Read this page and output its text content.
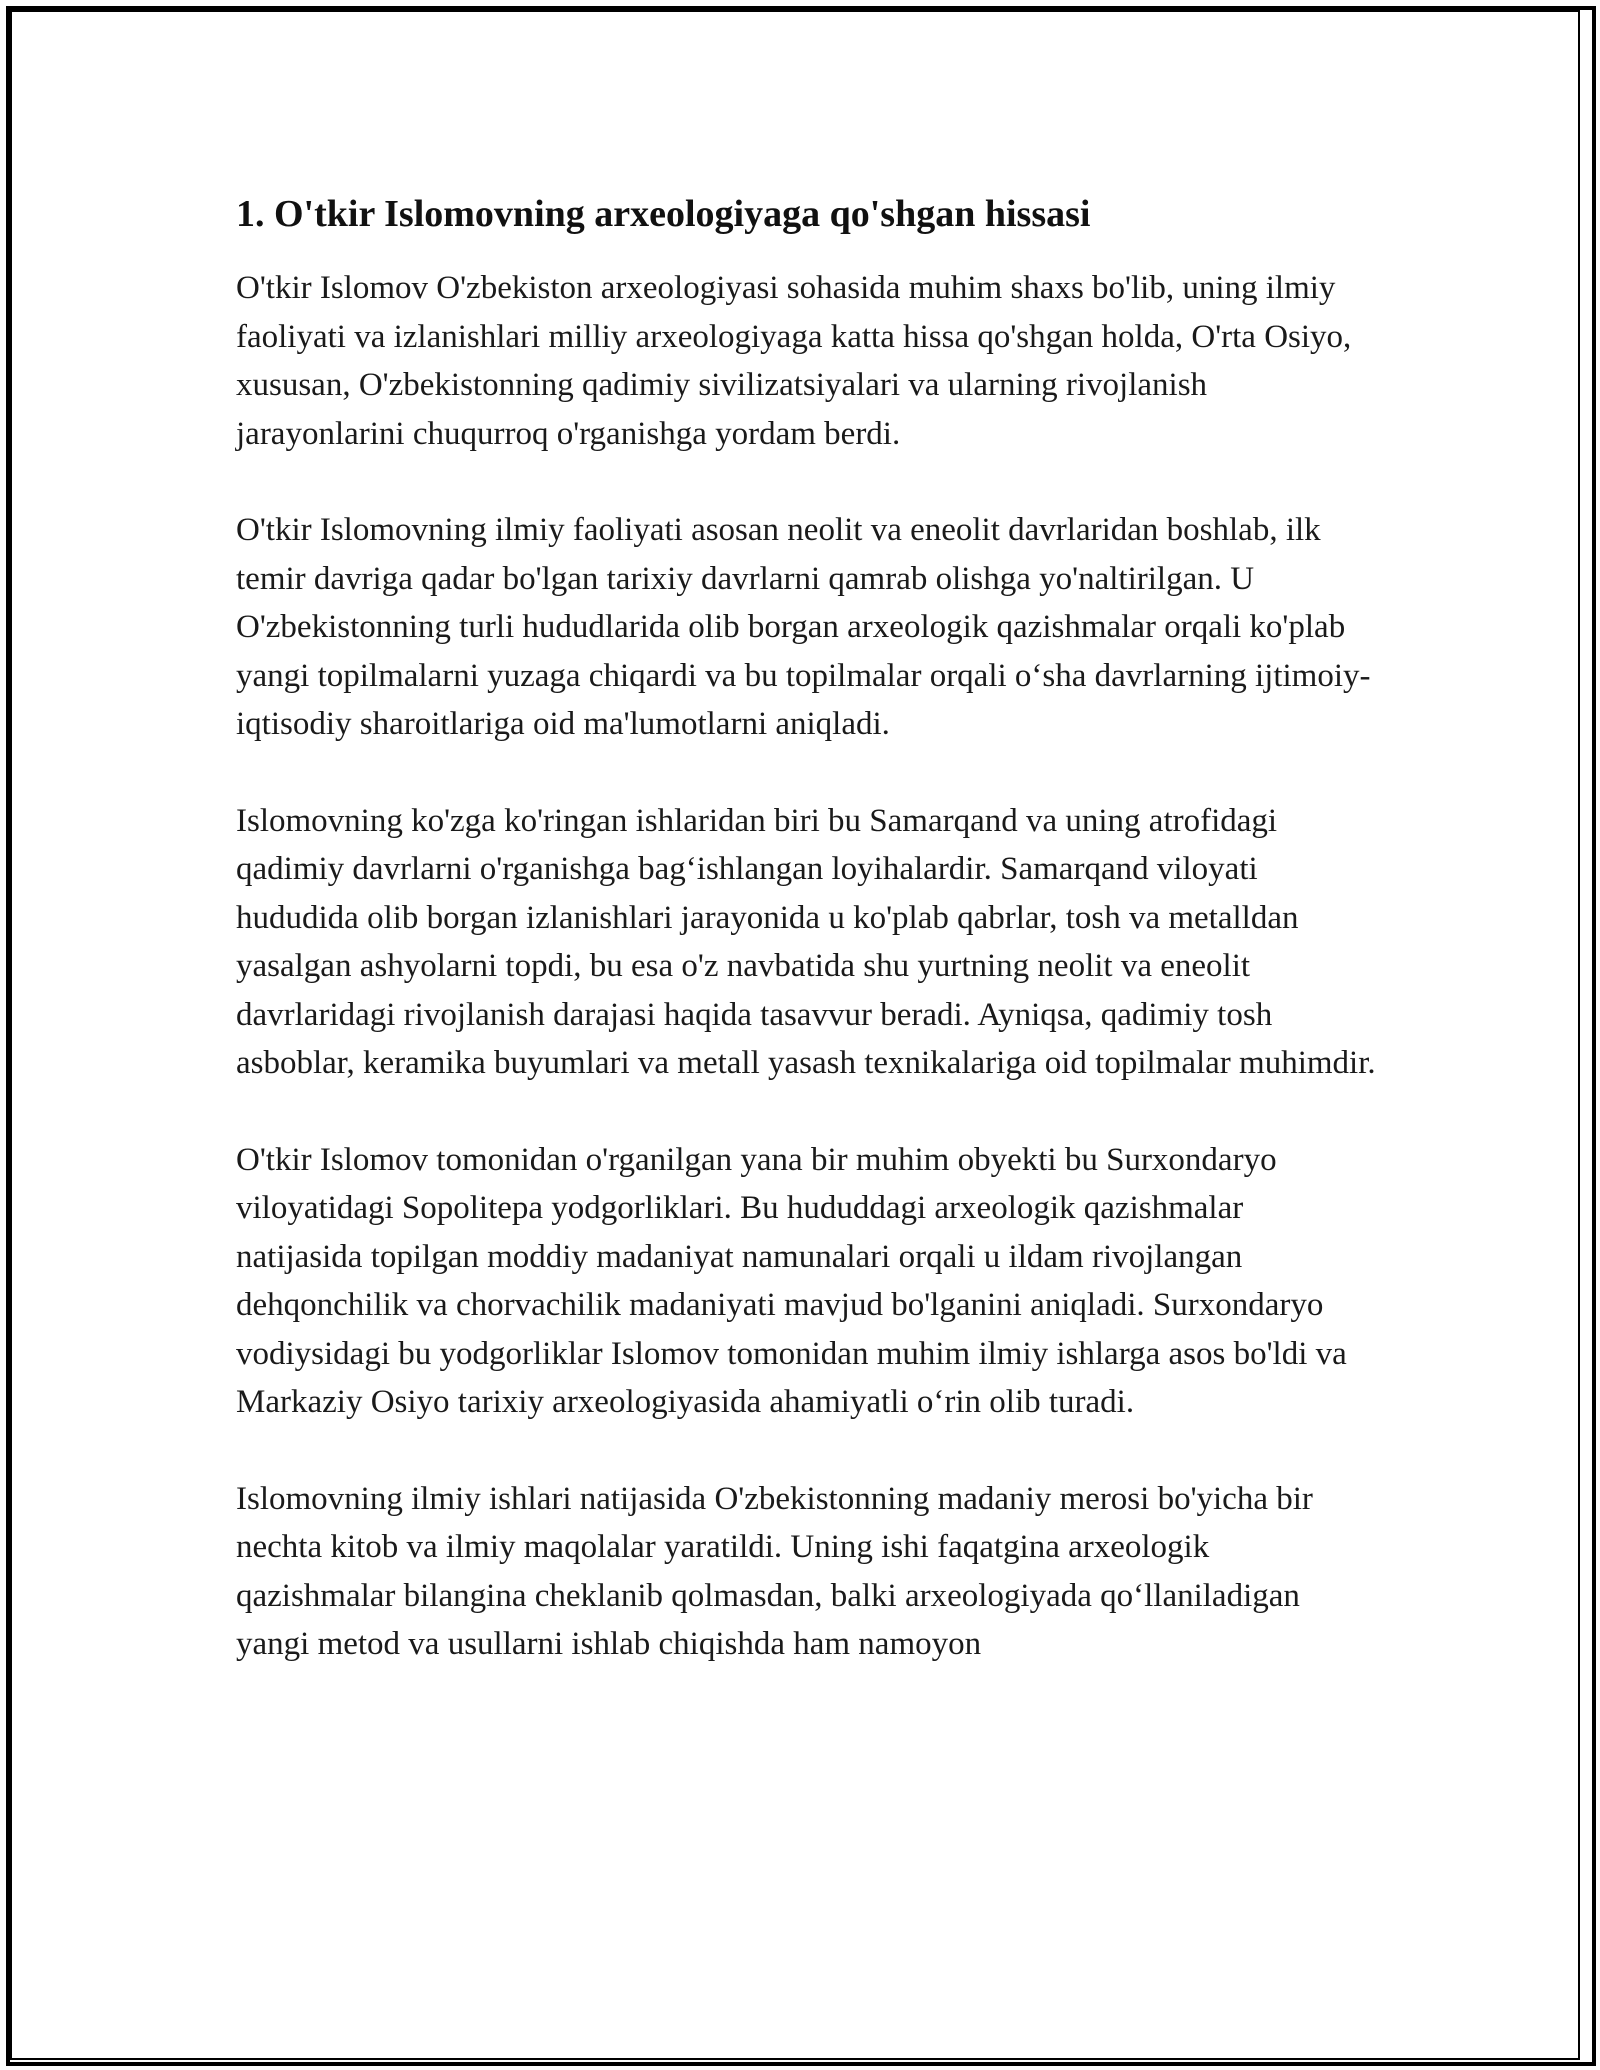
1. O'tkir Islomovning arxeologiyaga qo'shgan hissasi

O'tkir Islomov O'zbekiston arxeologiyasi sohasida muhim shaxs bo'lib, uning ilmiy faoliyati va izlanishlari milliy arxeologiyaga katta hissa qo'shgan holda, O'rta Osiyo, xususan, O'zbekistonning qadimiy sivilizatsiyalari va ularning rivojlanish jarayonlarini chuqurroq o'rganishga yordam berdi.

O'tkir Islomovning ilmiy faoliyati asosan neolit va eneolit davrlaridan boshlab, ilk temir davriga qadar bo'lgan tarixiy davrlarni qamrab olishga yo'naltirilgan. U O'zbekistonning turli hududlarida olib borgan arxeologik qazishmalar orqali ko'plab yangi topilmalarni yuzaga chiqardi va bu topilmalar orqali o‘sha davrlarning ijtimoiy-iqtisodiy sharoitlariga oid ma'lumotlarni aniqladi.

Islomovning ko'zga ko'ringan ishlaridan biri bu Samarqand va uning atrofidagi qadimiy davrlarni o'rganishga bag‘ishlangan loyihalardir. Samarqand viloyati hududida olib borgan izlanishlari jarayonida u ko'plab qabrlar, tosh va metalldan yasalgan ashyolarni topdi, bu esa o'z navbatida shu yurtning neolit va eneolit davrlaridagi rivojlanish darajasi haqida tasavvur beradi. Ayniqsa, qadimiy tosh asboblar, keramika buyumlari va metall yasash texnikalariga oid topilmalar muhimdir.

O'tkir Islomov tomonidan o'rganilgan yana bir muhim obyekti bu Surxondaryo viloyatidagi Sopolitepa yodgorliklari. Bu hududdagi arxeologik qazishmalar natijasida topilgan moddiy madaniyat namunalari orqali u ildam rivojlangan dehqonchilik va chorvachilik madaniyati mavjud bo'lganini aniqladi. Surxondaryo vodiysidagi bu yodgorliklar Islomov tomonidan muhim ilmiy ishlarga asos bo'ldi va Markaziy Osiyo tarixiy arxeologiyasida ahamiyatli o‘rin olib turadi.

Islomovning ilmiy ishlari natijasida O'zbekistonning madaniy merosi bo'yicha bir nechta kitob va ilmiy maqolalar yaratildi. Uning ishi faqatgina arxeologik qazishmalar bilangina cheklanib qolmasdan, balki arxeologiyada qo‘llaniladigan yangi metod va usullarni ishlab chiqishda ham namoyon
